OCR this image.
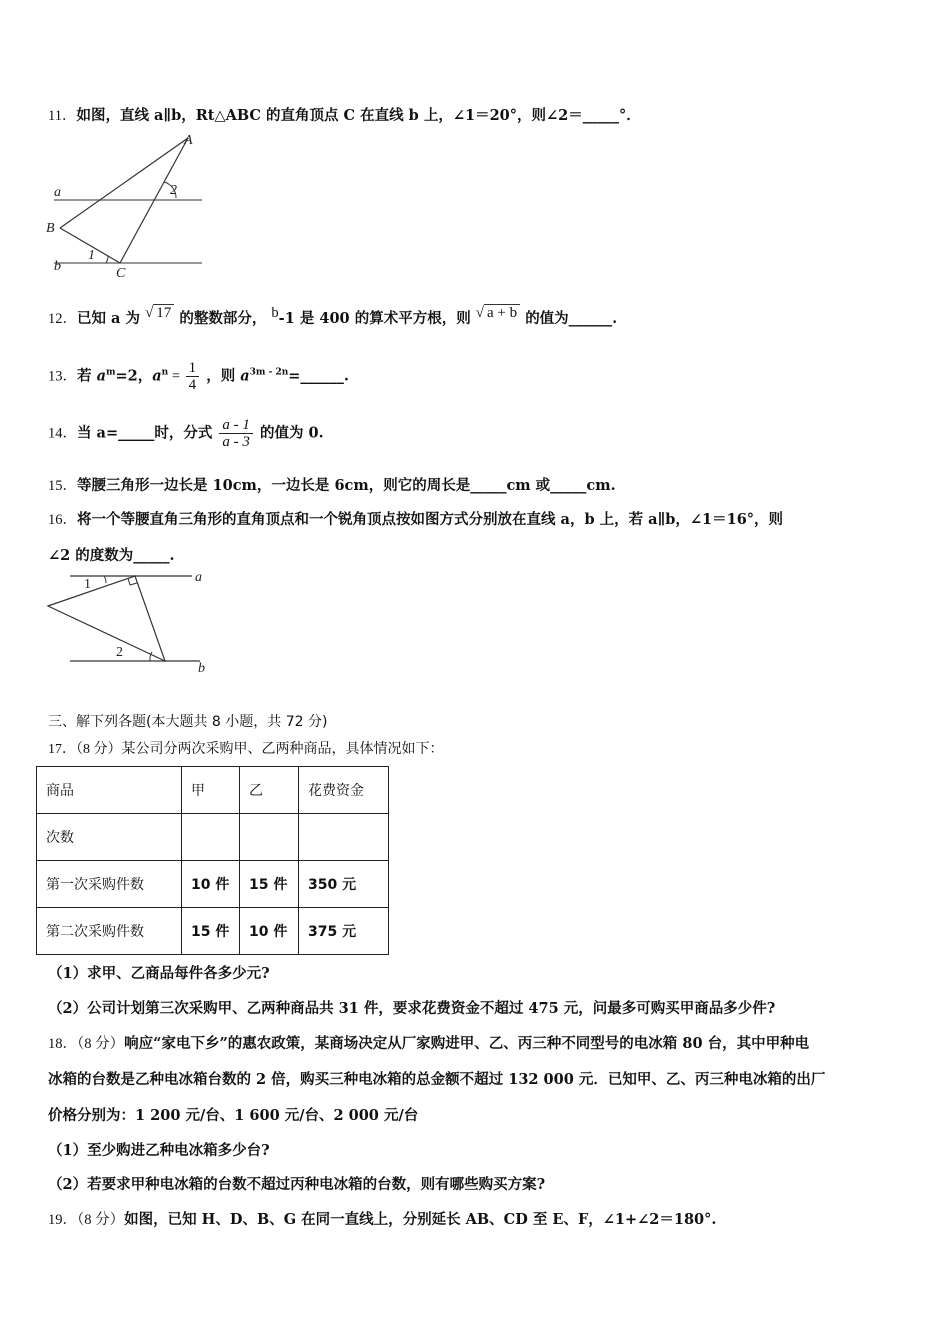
11．如图，直线 a∥b，Rt△ABC 的直角顶点 C 在直线 b 上，∠1＝20°，则∠2＝_____°．
A
B
C
a
b
1
2
12．已知 a 为 √ 17 的整数部分， b-1 是 400 的算术平方根，则 √ a + b 的值为______.
13．若 $a^m=2$，$a^n = \frac{1}{4}$ ，则 $a^{3m - 2n}=\_\_\_\_\_\_$.
14．当 a=_____时，分式 $\frac{a - 1}{a - 3}$ 的值为 0.
15．等腰三角形一边长是 10cm，一边长是 6cm，则它的周长是_____cm 或_____cm.
16．将一个等腰直角三角形的直角顶点和一个锐角顶点按如图方式分别放在直线 a，b 上，若 a∥b，∠1＝16°，则
∠2 的度数为_____.
a
b
1
2
三、解下列各题(本大题共 8 小题，共 72 分)
17．（8 分）某公司分两次采购甲、乙两种商品，具体情况如下：
商品	甲	乙	花费资金
次数			
第一次采购件数	10 件	15 件	350 元
第二次采购件数	15 件	10 件	375 元
（1）求甲、乙商品每件各多少元?
（2）公司计划第三次采购甲、乙两种商品共 31 件，要求花费资金不超过 475 元，问最多可购买甲商品多少件?
18．（8 分）响应“家电下乡”的惠农政策，某商场决定从厂家购进甲、乙、丙三种不同型号的电冰箱 80 台，其中甲种电
冰箱的台数是乙种电冰箱台数的 2 倍，购买三种电冰箱的总金额不超过 132 000 元．已知甲、乙、丙三种电冰箱的出厂
价格分别为：1 200 元/台、1 600 元/台、2 000 元/台
（1）至少购进乙种电冰箱多少台?
（2）若要求甲种电冰箱的台数不超过丙种电冰箱的台数，则有哪些购买方案?
19．（8 分）如图，已知 H、D、B、G 在同一直线上，分别延长 AB、CD 至 E、F，∠1+∠2＝180°.
